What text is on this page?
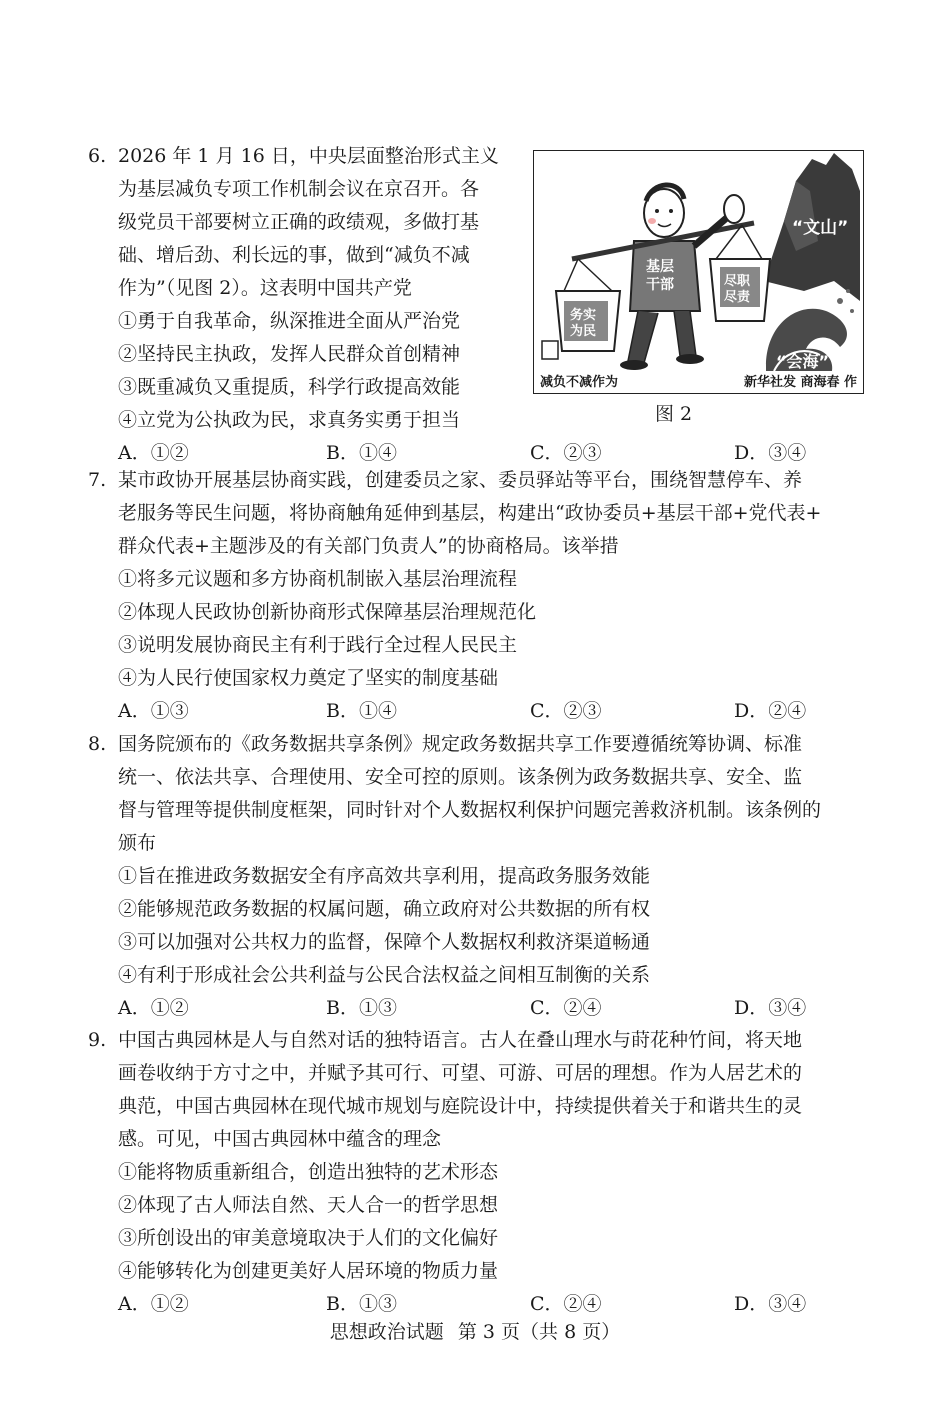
6. 2026 年 1 月 16 日，中央层面整治形式主义
为基层减负专项工作机制会议在京召开。各
级党员干部要树立正确的政绩观，多做打基
础、增后劲、利长远的事，做到“减负不减
作为”（见图 2）。这表明中国共产党
①勇于自我革命，纵深推进全面从严治党
②坚持民主执政，发挥人民群众首创精神
③既重减负又重提质，科学行政提高效能
④立党为公执政为民，求真务实勇于担当
A．①②	B．①④	C．②③	D．③④
“文山”
“会海”
基层
干部
务实
为民
尽职
尽责
减负不减作为	新华社发 商海春 作
图 2
7. 某市政协开展基层协商实践，创建委员之家、委员驿站等平台，围绕智慧停车、养
老服务等民生问题，将协商触角延伸到基层，构建出“政协委员+基层干部+党代表+
群众代表+主题涉及的有关部门负责人”的协商格局。该举措
①将多元议题和多方协商机制嵌入基层治理流程
②体现人民政协创新协商形式保障基层治理规范化
③说明发展协商民主有利于践行全过程人民民主
④为人民行使国家权力奠定了坚实的制度基础
A．①③	B．①④	C．②③	D．②④
8. 国务院颁布的《政务数据共享条例》规定政务数据共享工作要遵循统筹协调、标准
统一、依法共享、合理使用、安全可控的原则。该条例为政务数据共享、安全、监
督与管理等提供制度框架，同时针对个人数据权利保护问题完善救济机制。该条例的
颁布
①旨在推进政务数据安全有序高效共享利用，提高政务服务效能
②能够规范政务数据的权属问题，确立政府对公共数据的所有权
③可以加强对公共权力的监督，保障个人数据权利救济渠道畅通
④有利于形成社会公共利益与公民合法权益之间相互制衡的关系
A．①②	B．①③	C．②④	D．③④
9. 中国古典园林是人与自然对话的独特语言。古人在叠山理水与莳花种竹间，将天地
画卷收纳于方寸之中，并赋予其可行、可望、可游、可居的理想。作为人居艺术的
典范，中国古典园林在现代城市规划与庭院设计中，持续提供着关于和谐共生的灵
感。可见，中国古典园林中蕴含的理念
①能将物质重新组合，创造出独特的艺术形态
②体现了古人师法自然、天人合一的哲学思想
③所创设出的审美意境取决于人们的文化偏好
④能够转化为创建更美好人居环境的物质力量
A．①②	B．①③	C．②④	D．③④
思想政治试题 第 3 页（共 8 页）
